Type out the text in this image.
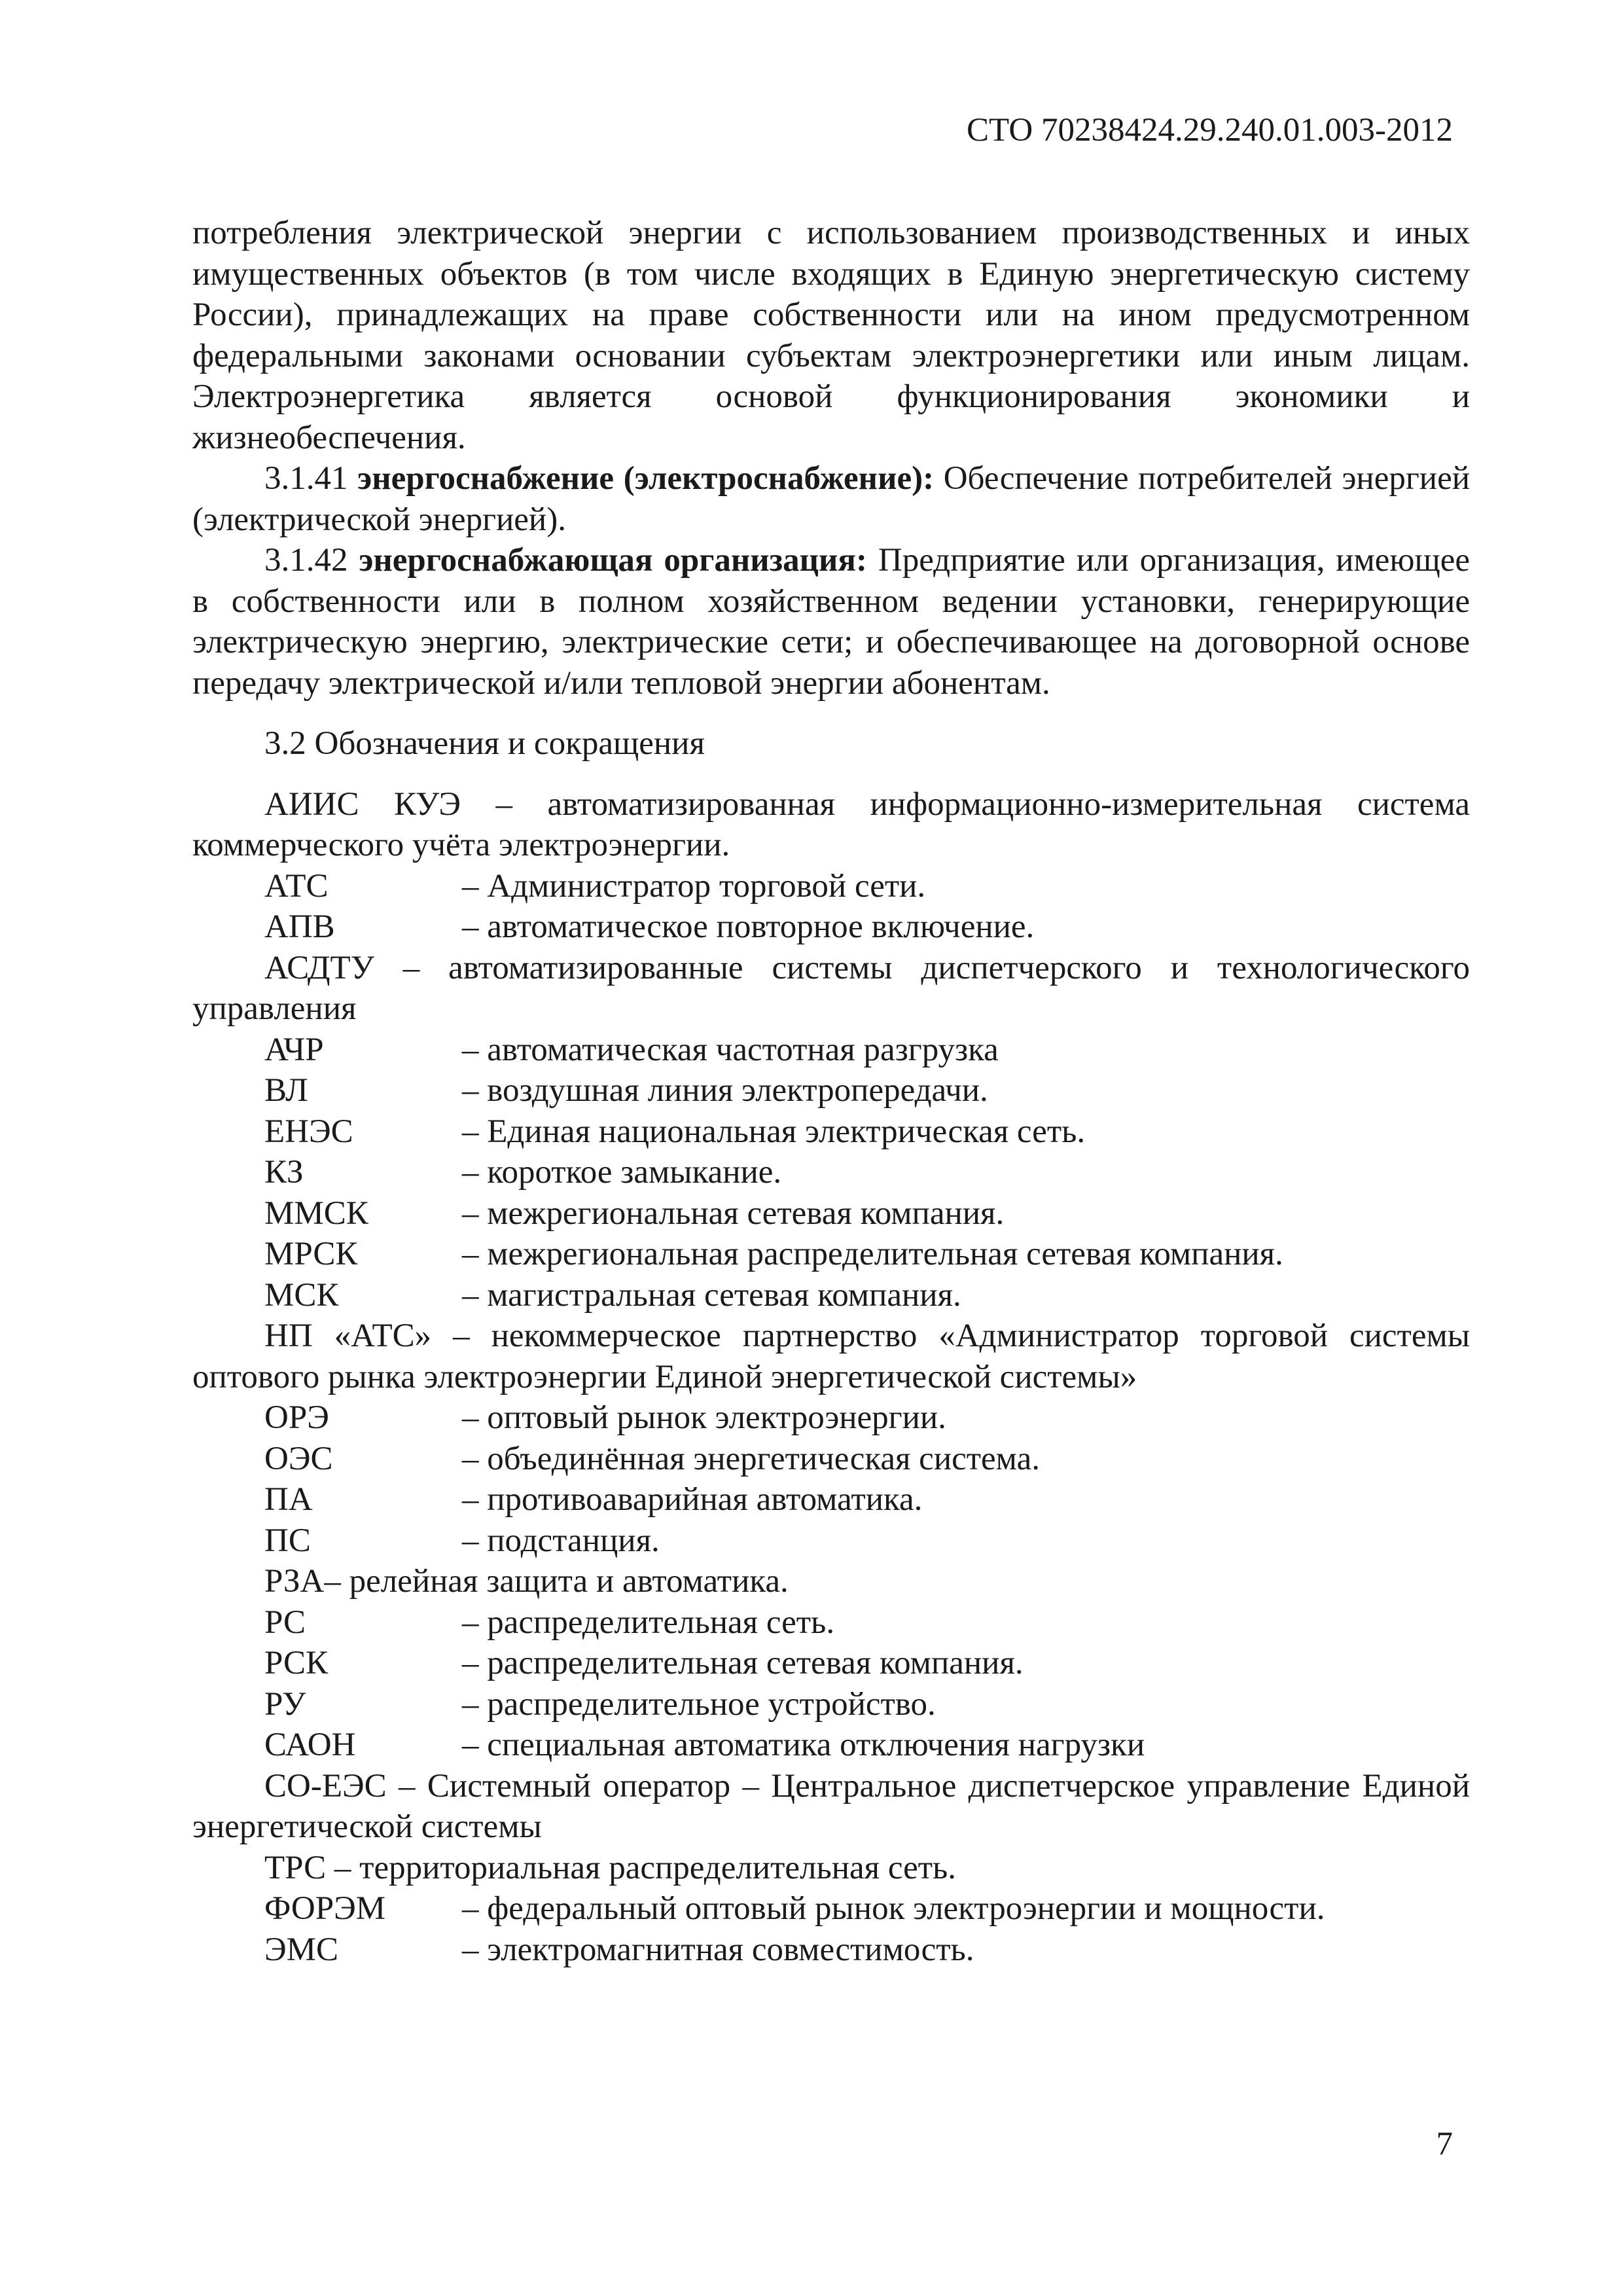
СТО 70238424.29.240.01.003-2012

потребления электрической энергии с использованием производственных и иных имущественных объектов (в том числе входящих в Единую энергетическую систему России), принадлежащих на праве собственности или на ином предусмотренном федеральными законами основании субъектам электроэнергетики или иным лицам. Электроэнергетика является основой функционирования экономики и жизнеобеспечения.

3.1.41 энергоснабжение (электроснабжение): Обеспечение потребителей энергией (электрической энергией).

3.1.42 энергоснабжающая организация: Предприятие или организация, имеющее в собственности или в полном хозяйственном ведении установки, генерирующие электрическую энергию, электрические сети; и обеспечивающее на договорной основе передачу электрической и/или тепловой энергии абонентам.

3.2 Обозначения и сокращения

АИИС КУЭ – автоматизированная информационно-измерительная система коммерческого учёта электроэнергии.

АТС	– Администратор торговой сети.
АПВ	– автоматическое повторное включение.

АСДТУ – автоматизированные системы диспетчерского и технологического управления

АЧР	– автоматическая частотная разгрузка
ВЛ	– воздушная линия электропередачи.
ЕНЭС	– Единая национальная электрическая сеть.
КЗ	– короткое замыкание.
ММСК	– межрегиональная сетевая компания.
МРСК	– межрегиональная распределительная сетевая компания.
МСК	– магистральная сетевая компания.

НП «АТС» – некоммерческое партнерство «Администратор торговой системы оптового рынка электроэнергии Единой энергетической системы»

ОРЭ	– оптовый рынок электроэнергии.
ОЭС	– объединённая энергетическая система.
ПА	– противоаварийная автоматика.
ПС	– подстанция.

РЗА– релейная защита и автоматика.

РС	– распределительная сеть.
РСК	– распределительная сетевая компания.
РУ	– распределительное устройство.
САОН	– специальная автоматика отключения нагрузки

СО-ЕЭС – Системный оператор – Центральное диспетчерское управление Единой энергетической системы

ТРС – территориальная распределительная сеть.

ФОРЭМ	– федеральный оптовый рынок электроэнергии и мощности.
ЭМС	– электромагнитная совместимость.
7
